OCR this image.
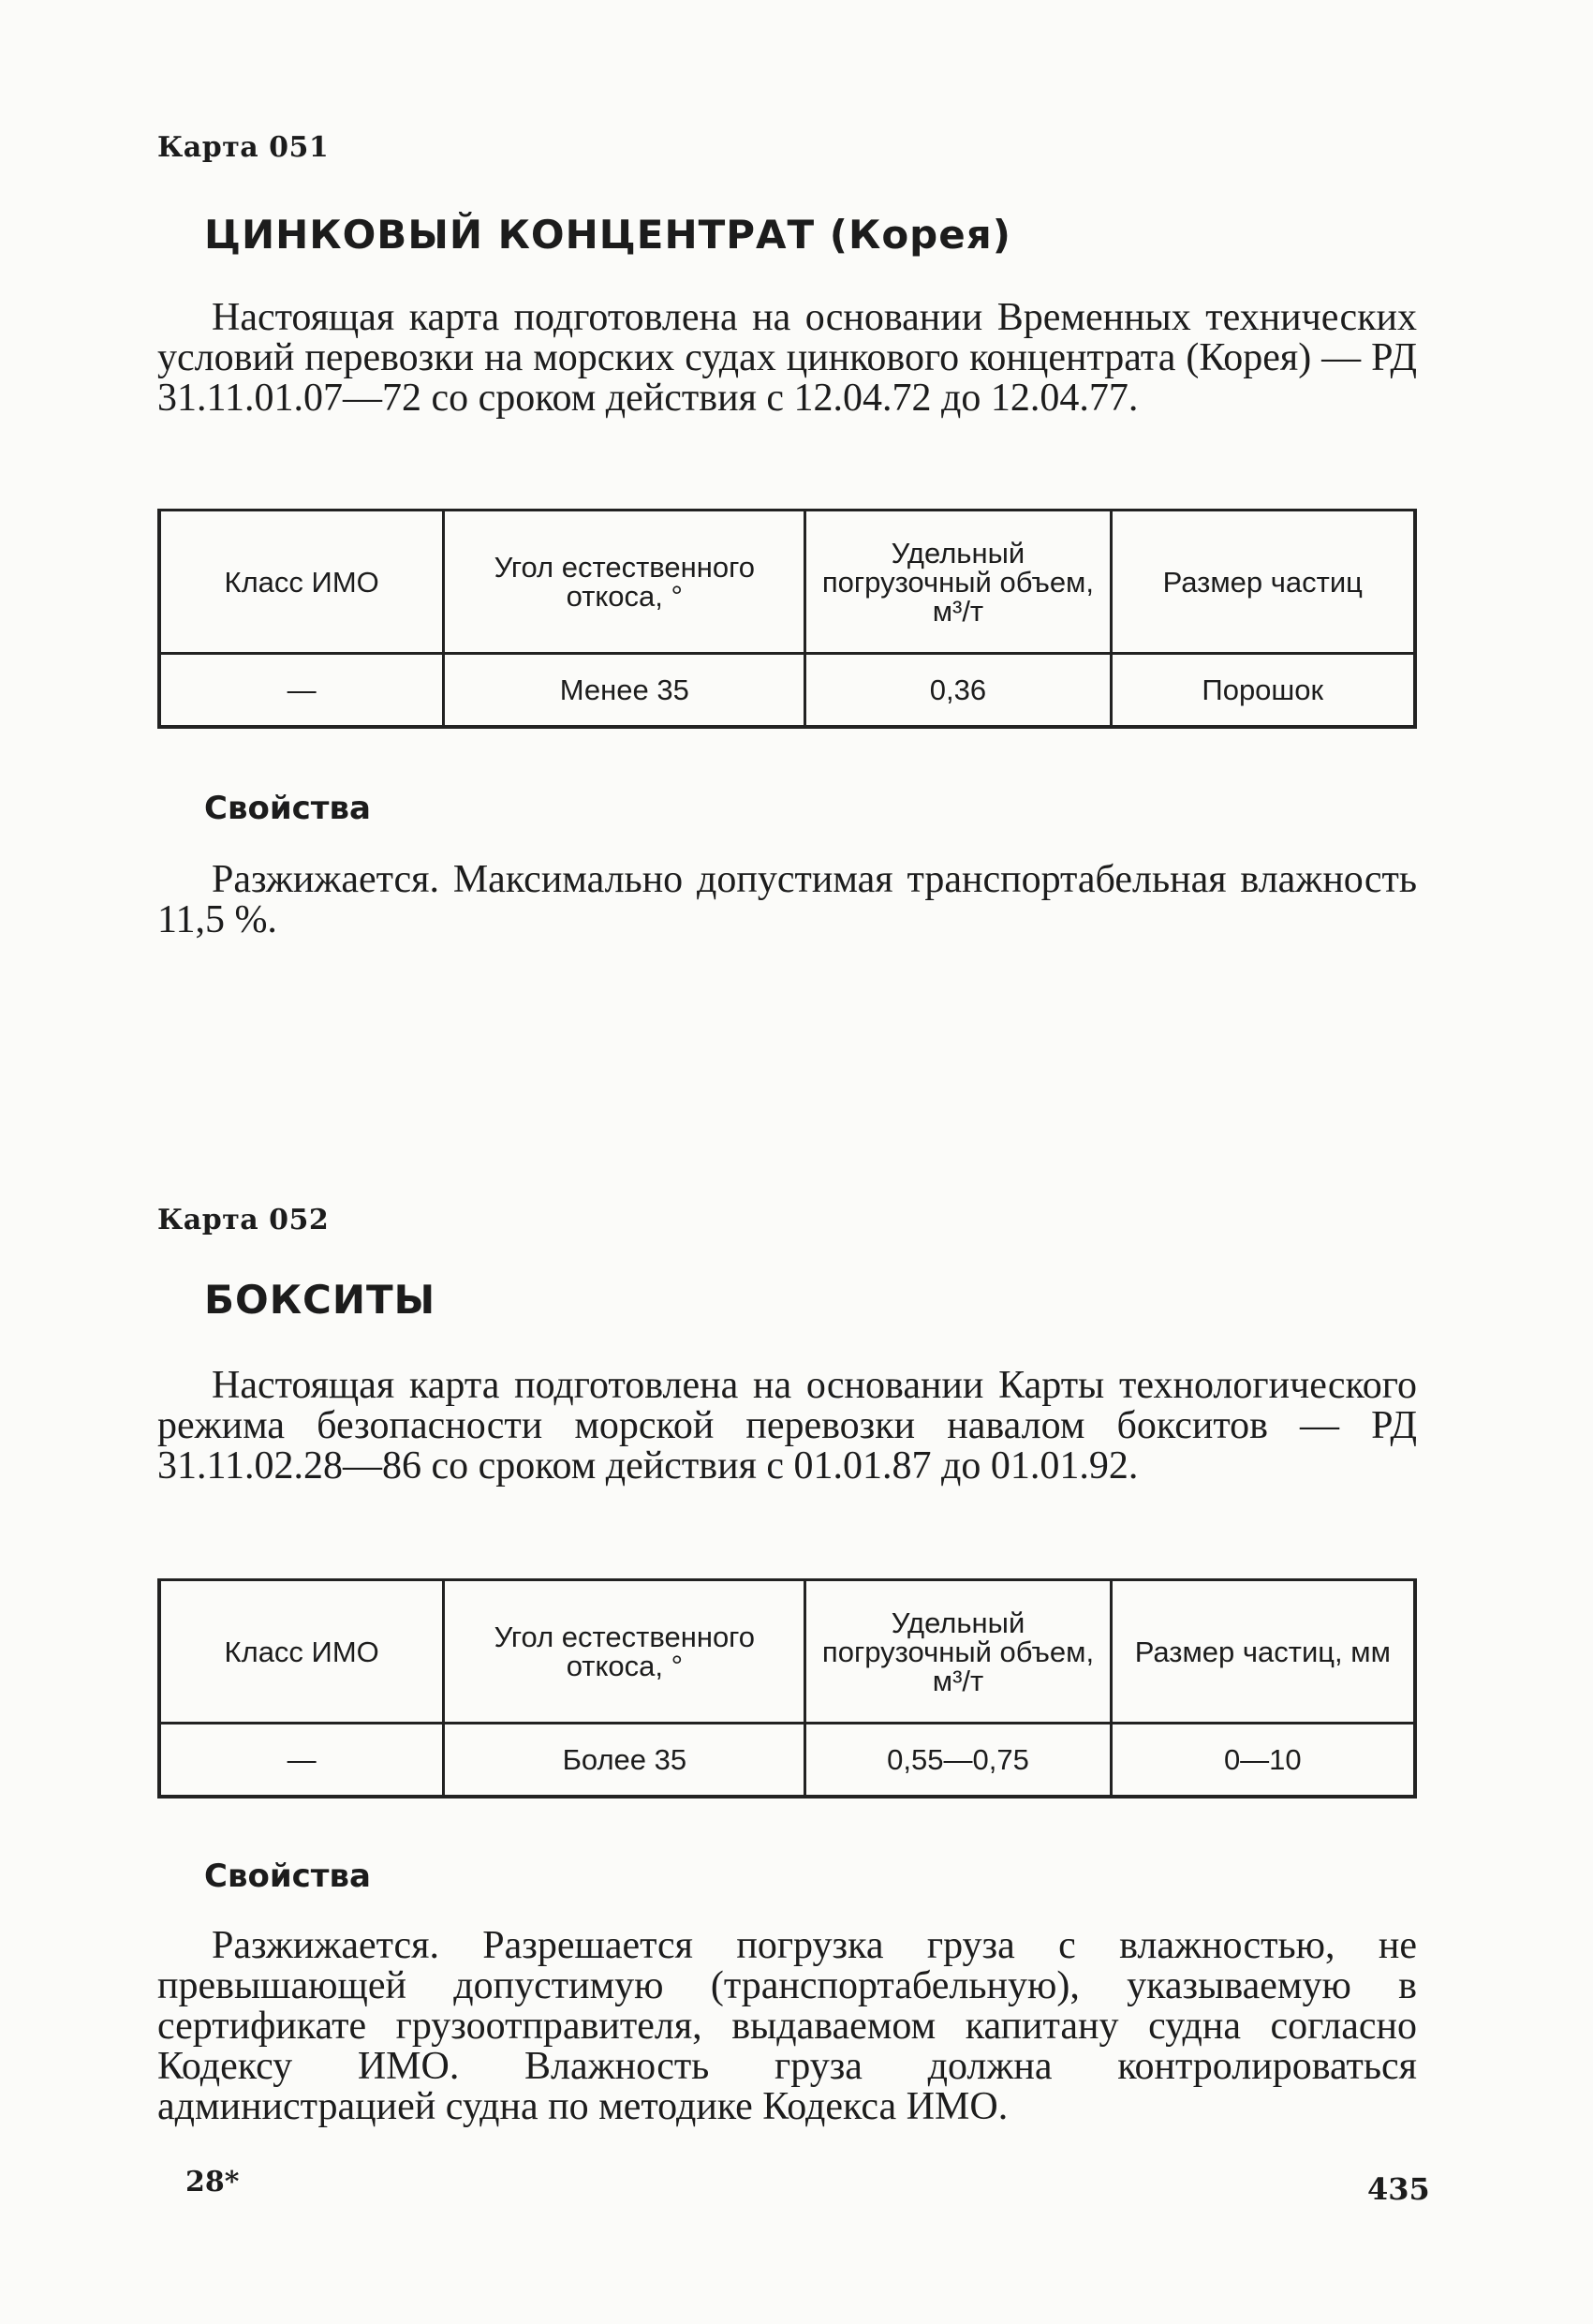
Карта 051
ЦИНКОВЫЙ КОНЦЕНТРАТ (Корея)

Настоящая карта подготовлена на основании Временных технических условий перевозки на морских судах цинкового концентрата (Корея) — РД 31.11.01.07—72 со сроком действия с 12.04.72 до 12.04.77.

Класс ИМО	Угол естественного откоса, °	Удельный погрузочный объем, м³/т	Размер частиц
—	Менее 35	0,36	Порошок
Свойства

Разжижается. Максимально допустимая транспортабельная влажность 11,5 %.

Карта 052
БОКСИТЫ

Настоящая карта подготовлена на основании Карты технологического режима безопасности морской перевозки навалом бокситов — РД 31.11.02.28—86 со сроком действия с 01.01.87 до 01.01.92.

Класс ИМО	Угол естественного откоса, °	Удельный погрузочный объем, м³/т	Размер частиц, мм
—	Более 35	0,55—0,75	0—10
Свойства

Разжижается. Разрешается погрузка груза с влажностью, не превышающей допустимую (транспортабельную), указываемую в сертификате грузоотправителя, выдаваемом капитану судна согласно Кодексу ИМО. Влажность груза должна контролироваться администрацией судна по методике Кодекса ИМО.

28*	435
